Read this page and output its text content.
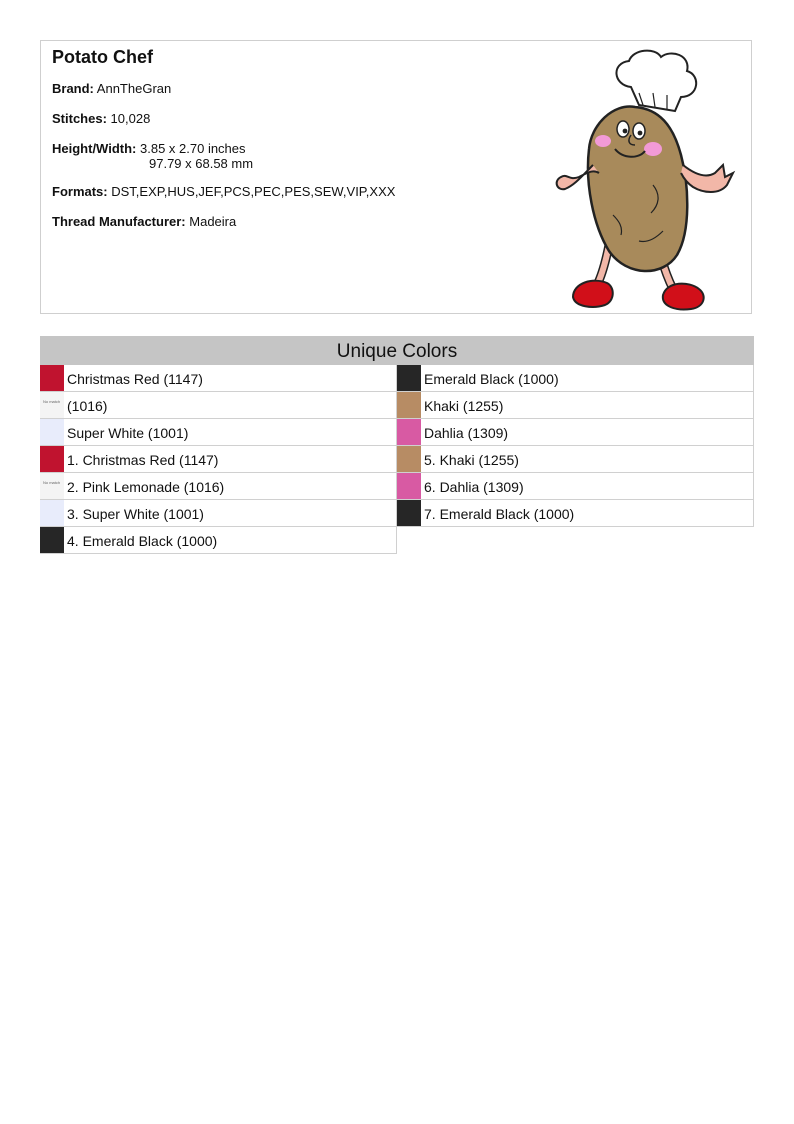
Potato Chef
Brand: AnnTheGran
Stitches: 10,028
Height/Width: 3.85 x 2.70 inches
97.79 x 68.58 mm
Formats: DST,EXP,HUS,JEF,PCS,PEC,PES,SEW,VIP,XXX
Thread Manufacturer: Madeira
Unique Colors
Christmas Red (1147)
No match (1016)
Super White (1001)
1. Christmas Red (1147)
No match 2. Pink Lemonade (1016)
3. Super White (1001)
4. Emerald Black (1000)
Emerald Black (1000)
Khaki (1255)
Dahlia (1309)
5. Khaki (1255)
6. Dahlia (1309)
7. Emerald Black (1000)
